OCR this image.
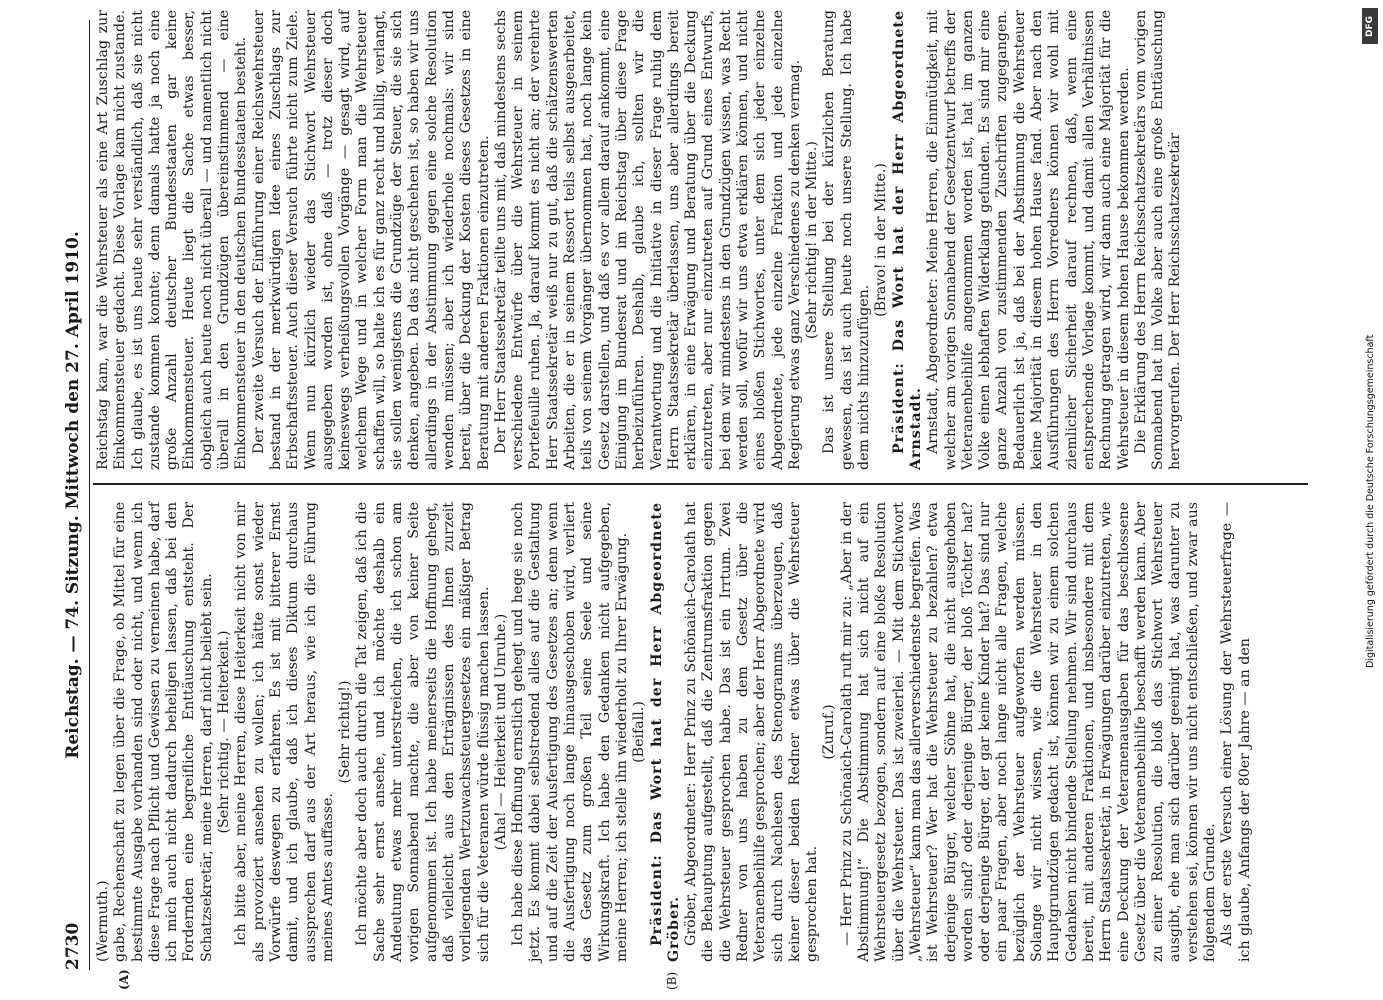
2730
Reichstag. — 74. Sitzung. Mittwoch den 27. April 1910.
(A)	(B)

(Wermuth.) gabe, Rechenschaft zu legen über die Frage, ob Mittel für eine bestimmte Ausgabe vorhanden sind oder nicht, und wenn ich diese Frage nach Pflicht und Gewissen zu verneinen habe, darf ich mich auch nicht dadurch beheligen lassen, daß bei den Fordernden eine begreifliche Enttäuschung entsteht. Der Schatzsekretär, meine Herren, darf nicht beliebt sein. (Sehr richtig. — Heiterkeit.) Ich bitte aber, meine Herren, diese Heiterkeit nicht von mir als provoziert ansehen zu wollen; ich hätte sonst wieder Vorwürfe deswegen zu erfahren. Es ist mit bitterer Ernst damit, und ich glaube, daß ich dieses Diktum durchaus aussprechen darf aus der Art heraus, wie ich die Führung meines Amtes auffasse.

(Sehr richtig!) Ich möchte aber doch auch durch die Tat zeigen, daß ich die Sache sehr ernst ansehe, und ich möchte deshalb ein Andeutung etwas mehr unterstreichen, die ich schon am vorigen Sonnabend machte, die aber von keiner Seite aufgenommen ist. Ich habe meinerseits die Hoffnung gehegt, daß vielleicht aus den Erträgnissen des Ihnen zurzeit vorliegenden Wertzuwachssteuergesetzes ein mäßiger Betrag sich für die Veteranen würde flüssig machen lassen. (Aha! — Heiterkeit und Unruhe.) Ich habe diese Hoffnung ernstlich gehegt und hege sie noch jetzt. Es kommt dabei selbstredend alles auf die Gestaltung und auf die Zeit der Ausfertigung des Gesetzes an; denn wenn die Ausfertigung noch lange hinausgeschoben wird, verliert das Gesetz zum großen Teil seine Seele und seine Wirkungskraft. Ich habe den Gedanken nicht aufgegeben, meine Herren; ich stelle ihn wiederholt zu Ihrer Erwägung. (Beifall.) Präsident: Das Wort hat der Herr Abgeordnete Gröber. Gröber, Abgeordneter: Herr Prinz zu Schönaich-Carolath hat die Behauptung aufgestellt, daß die Zentrumsfraktion gegen die Wehrsteuer gesprochen habe. Das ist ein Irrtum. Zwei Redner von uns haben zu dem Gesetz über die Veteranenbeihilfe gesprochen; aber der Herr Abgeordnete wird sich durch Nachlesen des Stenogramms überzeugen, daß keiner dieser beiden Redner etwas über die Wehrsteuer gesprochen hat.

(Zuruf.) — Herr Prinz zu Schönaich-Carolath ruft mir zu: „Aber in der Abstimmung!“ Die Abstimmung hat sich nicht auf ein Wehrsteuergesetz bezogen, sondern auf eine bloße Resolution über die Wehrsteuer. Das ist zweierlei. — Mit dem Stichwort „Wehrsteuer“ kann man das allerverschiedenste begreifen. Was ist Wehrsteuer? Wer hat die Wehrsteuer zu bezahlen? etwa derjenige Bürger, welcher Söhne hat, die nicht ausgehoben worden sind? oder derjenige Bürger, der bloß Töchter hat? oder derjenige Bürger, der gar keine Kinder hat? Das sind nur ein paar Fragen, aber noch lange nicht alle Fragen, welche bezüglich der Wehrsteuer aufgeworfen werden müssen. Solange wir nicht wissen, wie die Wehrsteuer in den Hauptgrundzügen gedacht ist, können wir zu einem solchen Gedanken nicht bindende Stellung nehmen. Wir sind durchaus bereit, mit anderen Fraktionen, und insbesondere mit dem Herrn Staatssekretär, in Erwägungen darüber einzutreten, wie eine Deckung der Veteranenausgaben für das beschlossene Gesetz über die Veteranenbeihilfe beschafft werden kann. Aber zu einer Resolution, die bloß das Stichwort Wehrsteuer ausgibt, ehe man sich darüber geeinigt hat, was darunter zu verstehen sei, können wir uns nicht entschließen, und zwar aus folgendem Grunde. Als der erste Versuch einer Lösung der Wehrsteuerfrage — ich glaube, Anfangs der 80er Jahre — an den

Reichstag kam, war die Wehrsteuer als eine Art Zuschlag zur Einkommensteuer gedacht. Diese Vorlage kam nicht zustande. Ich glaube, es ist uns heute sehr verständlich, daß sie nicht zustande kommen konnte; denn damals hatte ja noch eine große Anzahl deutscher Bundesstaaten gar keine Einkommensteuer. Heute liegt die Sache etwas besser, obgleich auch heute noch nicht überall — und namentlich nicht überall in den Grundzügen übereinstimmend — eine Einkommensteuer in den deutschen Bundesstaaten besteht. Der zweite Versuch der Einführung einer Reichswehrsteuer bestand in der merkwürdigen Idee eines Zuschlags zur Erbschaftssteuer. Auch dieser Versuch führte nicht zum Ziele. Wenn nun kürzlich wieder das Stichwort Wehrsteuer ausgegeben worden ist, ohne daß — trotz dieser doch keineswegs verheißungsvollen Vorgänge — gesagt wird, auf welchem Wege und in welcher Form man die Wehrsteuer schaffen will, so halte ich es für ganz recht und billig, verlangt, sie sollen wenigstens die Grundzüge der Steuer, die sie sich denken, angeben. Da das nicht geschehen ist, so haben wir uns allerdings in der Abstimmung gegen eine solche Resolution wenden müssen; aber ich wiederhole nochmals: wir sind bereit, über die Deckung der Kosten dieses Gesetzes in eine Beratung mit anderen Fraktionen einzutreten. Der Herr Staatssekretär teilte uns mit, daß mindestens sechs verschiedene Entwürfe über die Wehrsteuer in seinem Portefeuille ruhen. Ja, darauf kommt es nicht an; der verehrte Herr Staatssekretär weiß nur zu gut, daß die schätzenswerten Arbeiten, die er in seinem Ressort teils selbst ausgearbeitet, teils von seinem Vorgänger übernommen hat, noch lange kein Gesetz darstellen, und daß es vor allem darauf ankommt, eine Einigung im Bundesrat und im Reichstag über diese Frage herbeizuführen. Deshalb, glaube ich, sollten wir die Verantwortung und die Initiative in dieser Frage ruhig dem Herrn Staatssekretär überlassen, uns aber allerdings bereit erklären, in eine Erwägung und Beratung über die Deckung einzutreten, aber nur einzutreten auf Grund eines Entwurfs, bei dem wir mindestens in den Grundzügen wissen, was Recht werden soll, wofür wir uns etwa erklären können, und nicht eines bloßen Stichwortes, unter dem sich jeder einzelne Abgeordnete, jede einzelne Fraktion und jede einzelne Regierung etwas ganz Verschiedenes zu denken vermag. (Sehr richtig! in der Mitte.) Das ist unsere Stellung bei der kürzlichen Beratung gewesen, das ist auch heute noch unsere Stellung. Ich habe dem nichts hinzuzufügen.

(Bravo! in der Mitte.) Präsident: Das Wort hat der Herr Abgeordnete Arnstadt. Arnstadt, Abgeordneter: Meine Herren, die Einmütigkeit, mit welcher am vorigen Sonnabend der Gesetzentwurf betreffs der Veteranenbeihilfe angenommen worden ist, hat im ganzen Volke einen lebhaften Widerklang gefunden. Es sind mir eine ganze Anzahl von zustimmenden Zuschriften zugegangen. Bedauerlich ist ja, daß bei der Abstimmung die Wehrsteuer keine Majorität in diesem hohen Hause fand. Aber nach den Ausführungen des Herrn Vorredners können wir wohl mit ziemlicher Sicherheit darauf rechnen, daß, wenn eine entsprechende Vorlage kommt, und damit allen Verhältnissen Rechnung getragen wird, wir dann auch eine Majorität für die Wehrsteuer in diesem hohen Hause bekommen werden. Die Erklärung des Herrn Reichsschatzsekretärs vom vorigen Sonnabend hat im Volke aber auch eine große Enttäuschung hervorgerufen. Der Herr Reichsschatzsekretär

DFG
Digitalisierung gefördert durch die Deutsche Forschungsgemeinschaft
